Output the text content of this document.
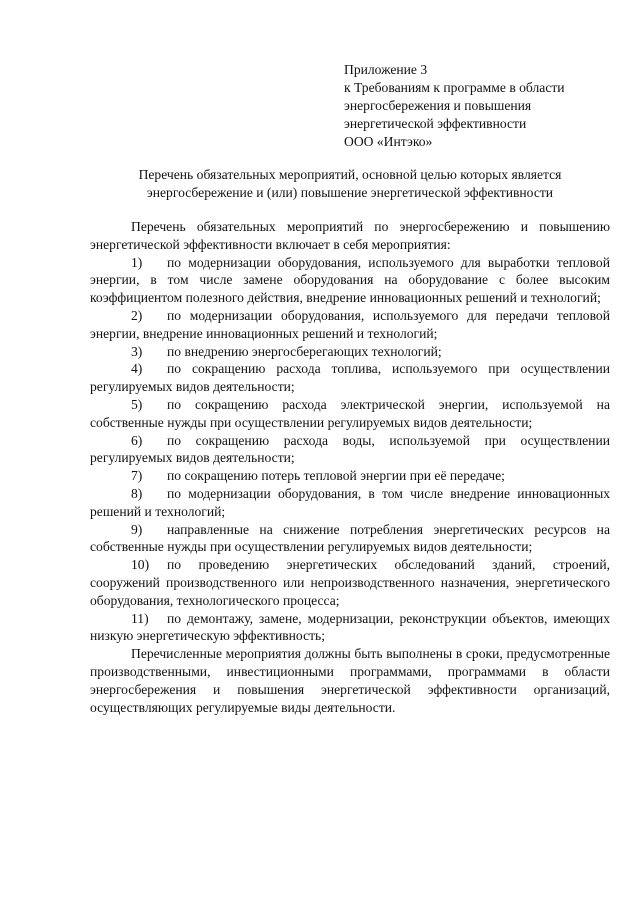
Приложение 3
к Требованиям к программе в области
энергосбережения и повышения
энергетической эффективности
ООО «Интэко»
Перечень обязательных мероприятий, основной целью которых является
энергосбережение и (или) повышение энергетической эффективности
Перечень обязательных мероприятий по энергосбережению и повышению энергетической эффективности включает в себя мероприятия:
1) по модернизации оборудования, используемого для выработки тепловой энергии, в том числе замене оборудования на оборудование с более высоким коэффициентом полезного действия, внедрение инновационных решений и технологий;
2) по модернизации оборудования, используемого для передачи тепловой энергии, внедрение инновационных решений и технологий;
3) по внедрению энергосберегающих технологий;
4) по сокращению расхода топлива, используемого при осуществлении регулируемых видов деятельности;
5) по сокращению расхода электрической энергии, используемой на собственные нужды при осуществлении регулируемых видов деятельности;
6) по сокращению расхода воды, используемой при осуществлении регулируемых видов деятельности;
7) по сокращению потерь тепловой энергии при её передаче;
8) по модернизации оборудования, в том числе внедрение инновационных решений и технологий;
9) направленные на снижение потребления энергетических ресурсов на собственные нужды при осуществлении регулируемых видов деятельности;
10) по проведению энергетических обследований зданий, строений, сооружений производственного или непроизводственного назначения, энергетического оборудования, технологического процесса;
11) по демонтажу, замене, модернизации, реконструкции объектов, имеющих низкую энергетическую эффективность;
Перечисленные мероприятия должны быть выполнены в сроки, предусмотренные производственными, инвестиционными программами, программами в области энергосбережения и повышения энергетической эффективности организаций, осуществляющих регулируемые виды деятельности.
